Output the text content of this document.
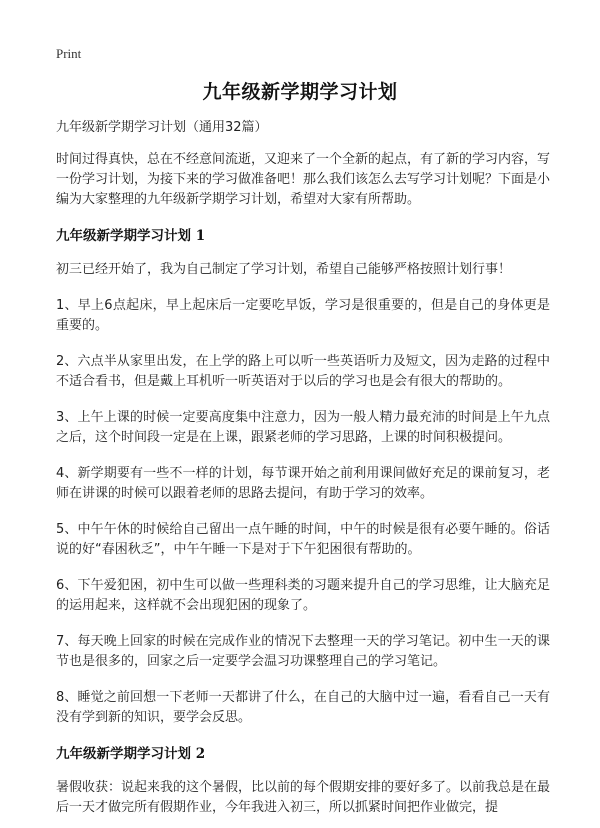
Print
九年级新学期学习计划

九年级新学期学习计划（通用32篇）

时间过得真快，总在不经意间流逝，又迎来了一个全新的起点，有了新的学习内容，写一份学习计划，为接下来的学习做准备吧！那么我们该怎么去写学习计划呢？下面是小编为大家整理的九年级新学期学习计划，希望对大家有所帮助。

九年级新学期学习计划 1

初三已经开始了，我为自己制定了学习计划，希望自己能够严格按照计划行事！

1、早上6点起床，早上起床后一定要吃早饭，学习是很重要的，但是自己的身体更是重要的。

2、六点半从家里出发，在上学的路上可以听一些英语听力及短文，因为走路的过程中不适合看书，但是戴上耳机听一听英语对于以后的学习也是会有很大的帮助的。

3、上午上课的时候一定要高度集中注意力，因为一般人精力最充沛的时间是上午九点之后，这个时间段一定是在上课，跟紧老师的学习思路，上课的时间积极提问。

4、新学期要有一些不一样的计划，每节课开始之前利用课间做好充足的课前复习，老师在讲课的时候可以跟着老师的思路去提问，有助于学习的效率。

5、中午午休的时候给自己留出一点午睡的时间，中午的时候是很有必要午睡的。俗话说的好“春困秋乏”，中午午睡一下是对于下午犯困很有帮助的。

6、下午爱犯困，初中生可以做一些理科类的习题来提升自己的学习思维，让大脑充足的运用起来，这样就不会出现犯困的现象了。

7、每天晚上回家的时候在完成作业的情况下去整理一天的学习笔记。初中生一天的课节也是很多的，回家之后一定要学会温习功课整理自己的学习笔记。

8、睡觉之前回想一下老师一天都讲了什么，在自己的大脑中过一遍，看看自己一天有没有学到新的知识，要学会反思。

九年级新学期学习计划 2

暑假收获：说起来我的这个暑假，比以前的每个假期安排的要好多了。以前我总是在最后一天才做完所有假期作业，今年我进入初三，所以抓紧时间把作业做完，提
